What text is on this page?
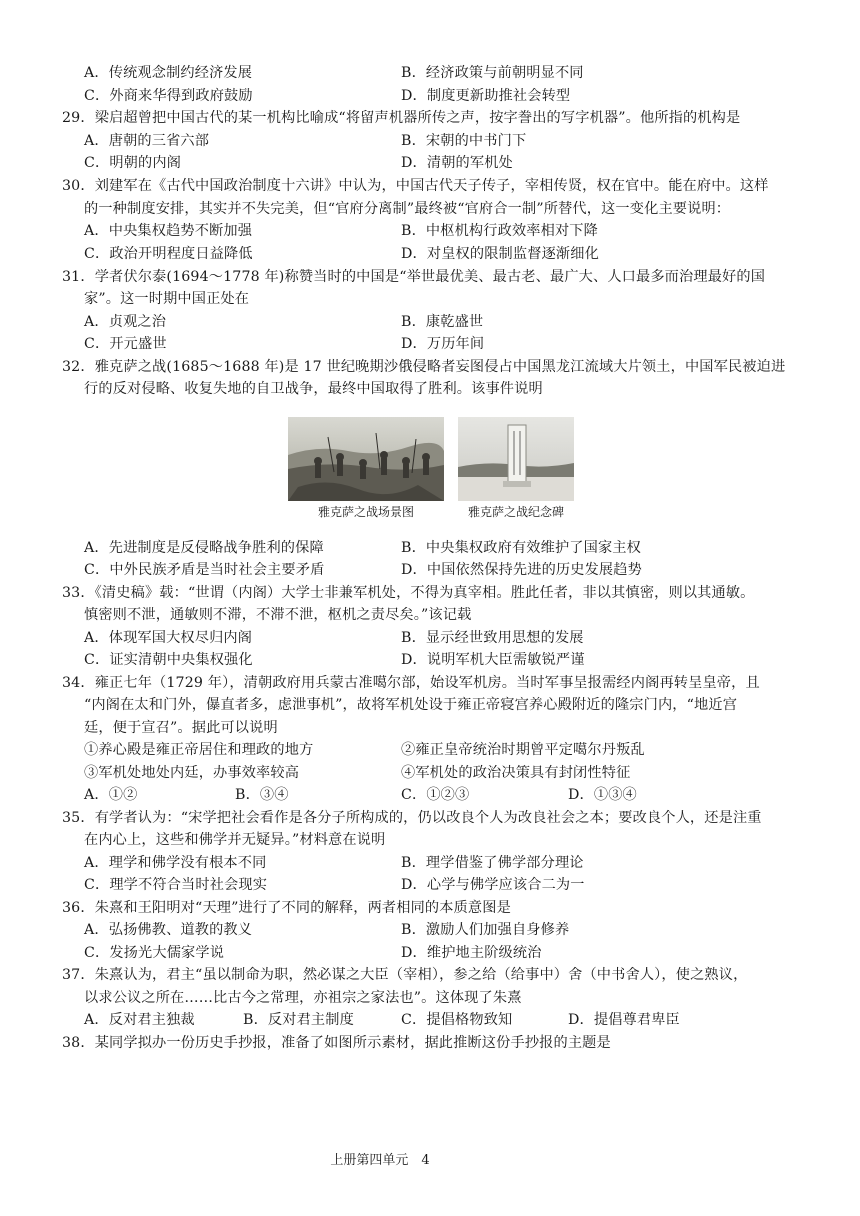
A．传统观念制约经济发展	B．经济政策与前朝明显不同
C．外商来华得到政府鼓励	D．制度更新助推社会转型
29．梁启超曾把中国古代的某一机构比喻成“将留声机器所传之声，按字誊出的写字机器”。他所指的机构是
A．唐朝的三省六部	B．宋朝的中书门下
C．明朝的内阁	D．清朝的军机处
30．刘建军在《古代中国政治制度十六讲》中认为，中国古代天子传子，宰相传贤，权在官中。能在府中。这样
的一种制度安排，其实并不失完美，但“官府分离制”最终被“官府合一制”所替代，这一变化主要说明：
A．中央集权趋势不断加强	B．中枢机构行政效率相对下降
C．政治开明程度日益降低	D．对皇权的限制监督逐渐细化
31．学者伏尔泰(1694～1778 年)称赞当时的中国是“举世最优美、最古老、最广大、人口最多而治理最好的国
家”。这一时期中国正处在
A．贞观之治	B．康乾盛世
C．开元盛世	D．万历年间
32．雅克萨之战(1685～1688 年)是 17 世纪晚期沙俄侵略者妄图侵占中国黑龙江流域大片领土，中国军民被迫进
行的反对侵略、收复失地的自卫战争，最终中国取得了胜利。该事件说明
雅克萨之战场景图	雅克萨之战纪念碑
A．先进制度是反侵略战争胜利的保障	B．中央集权政府有效维护了国家主权
C．中外民族矛盾是当时社会主要矛盾	D．中国依然保持先进的历史发展趋势
33．《清史稿》载：“世谓（内阁）大学士非兼军机处，不得为真宰相。胜此任者，非以其慎密，则以其通敏。
慎密则不泄，通敏则不滞，不滞不泄，枢机之责尽矣。”该记载
A．体现军国大权尽归内阁	B．显示经世致用思想的发展
C．证实清朝中央集权强化	D．说明军机大臣需敏锐严谨
34．雍正七年（1729 年），清朝政府用兵蒙古准噶尔部，始设军机房。当时军事呈报需经内阁再转呈皇帝，且
“内阁在太和门外，儤直者多，虑泄事机”，故将军机处设于雍正帝寝宫养心殿附近的隆宗门内，“地近宫
廷，便于宣召”。据此可以说明
①养心殿是雍正帝居住和理政的地方	②雍正皇帝统治时期曾平定噶尔丹叛乱
③军机处地处内廷，办事效率较高	④军机处的政治决策具有封闭性特征
A．①②	B．③④	C．①②③	D．①③④
35．有学者认为：“宋学把社会看作是各分子所构成的，仍以改良个人为改良社会之本；要改良个人，还是注重
在内心上，这些和佛学并无疑异。”材料意在说明
A．理学和佛学没有根本不同	B．理学借鉴了佛学部分理论
C．理学不符合当时社会现实	D．心学与佛学应该合二为一
36．朱熹和王阳明对“天理”进行了不同的解释，两者相同的本质意图是
A．弘扬佛教、道教的教义	B．激励人们加强自身修养
C．发扬光大儒家学说	D．维护地主阶级统治
37．朱熹认为，君主“虽以制命为职，然必谋之大臣（宰相），参之给（给事中）舍（中书舍人），使之熟议，
以求公议之所在……比古今之常理，亦祖宗之家法也”。这体现了朱熹
A．反对君主独裁	B．反对君主制度	C．提倡格物致知	D．提倡尊君卑臣
38．某同学拟办一份历史手抄报，准备了如图所示素材，据此推断这份手抄报的主题是
上册第四单元　4
